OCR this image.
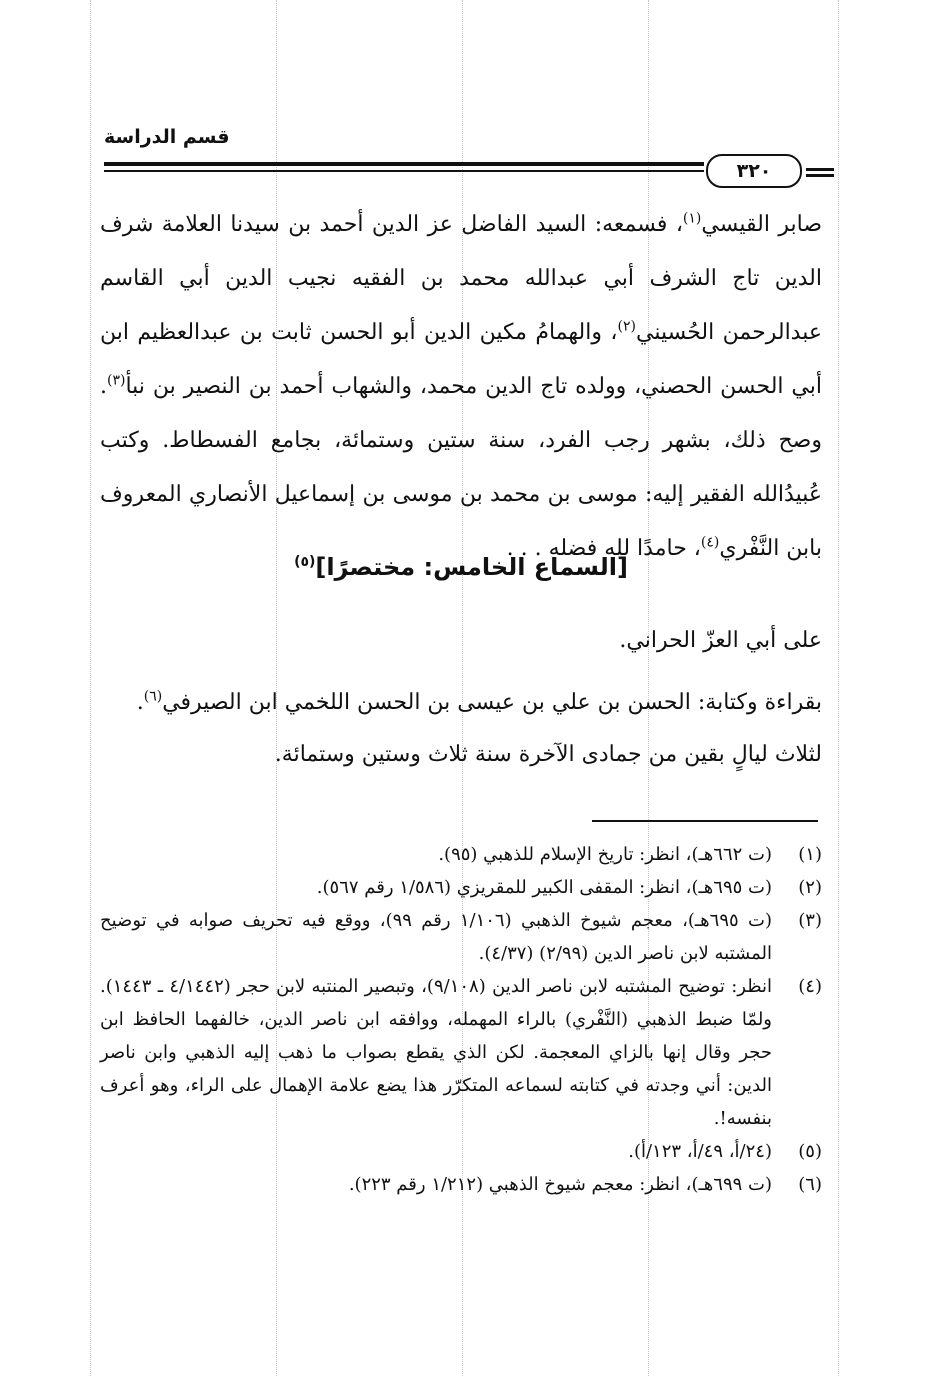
قسم الدراسة
٣٢٠

صابر القيسي$^{(١)}$، فسمعه: السيد الفاضل عز الدين أحمد بن سيدنا العلامة شرف الدين تاج الشرف أبي عبدالله محمد بن الفقيه نجيب الدين أبي القاسم عبدالرحمن الحُسيني$^{(٢)}$، والهمامُ مكين الدين أبو الحسن ثابت بن عبدالعظيم ابن أبي الحسن الحصني، وولده تاج الدين محمد، والشهاب أحمد بن النصير بن نبأ$^{(٣)}$. وصح ذلك، بشهر رجب الفرد، سنة ستين وستمائة، بجامع الفسطاط. وكتب عُبيدُالله الفقير إليه: موسى بن محمد بن موسى بن إسماعيل الأنصاري المعروف بابن النَّفْري$^{(٤)}$، حامدًا لله فضله . . .

[السماع الخامس: مختصرًا]$^{(٥)}$

على أبي العزّ الحراني.

بقراءة وكتابة: الحسن بن علي بن عيسى بن الحسن اللخمي ابن الصيرفي$^{(٦)}$.

لثلاث ليالٍ بقين من جمادى الآخرة سنة ثلاث وستين وستمائة.

(١)
(ت ٦٦٢هـ)، انظر: تاريخ الإسلام للذهبي (٩٥).
(٢)
(ت ٦٩٥هـ)، انظر: المقفى الكبير للمقريزي (١/٥٨٦ رقم ٥٦٧).
(٣)
(ت ٦٩٥هـ)، معجم شيوخ الذهبي (١/١٠٦ رقم ٩٩)، ووقع فيه تحريف صوابه في توضيح المشتبه لابن ناصر الدين (٢/٩٩) (٤/٣٧).
(٤)
انظر: توضيح المشتبه لابن ناصر الدين (٩/١٠٨)، وتبصير المنتبه لابن حجر (٤/١٤٤٢ ـ ١٤٤٣). ولمّا ضبط الذهبي (النَّفْري) بالراء المهمله، ووافقه ابن ناصر الدين، خالفهما الحافظ ابن حجر وقال إنها بالزاي المعجمة. لكن الذي يقطع بصواب ما ذهب إليه الذهبي وابن ناصر الدين: أني وجدته في كتابته لسماعه المتكرّر هذا يضع علامة الإهمال على الراء، وهو أعرف بنفسه!.
(٥)
(٢٤/أ، ٤٩/أ، ١٢٣/أ).
(٦)
(ت ٦٩٩هـ)، انظر: معجم شيوخ الذهبي (١/٢١٢ رقم ٢٢٣).
